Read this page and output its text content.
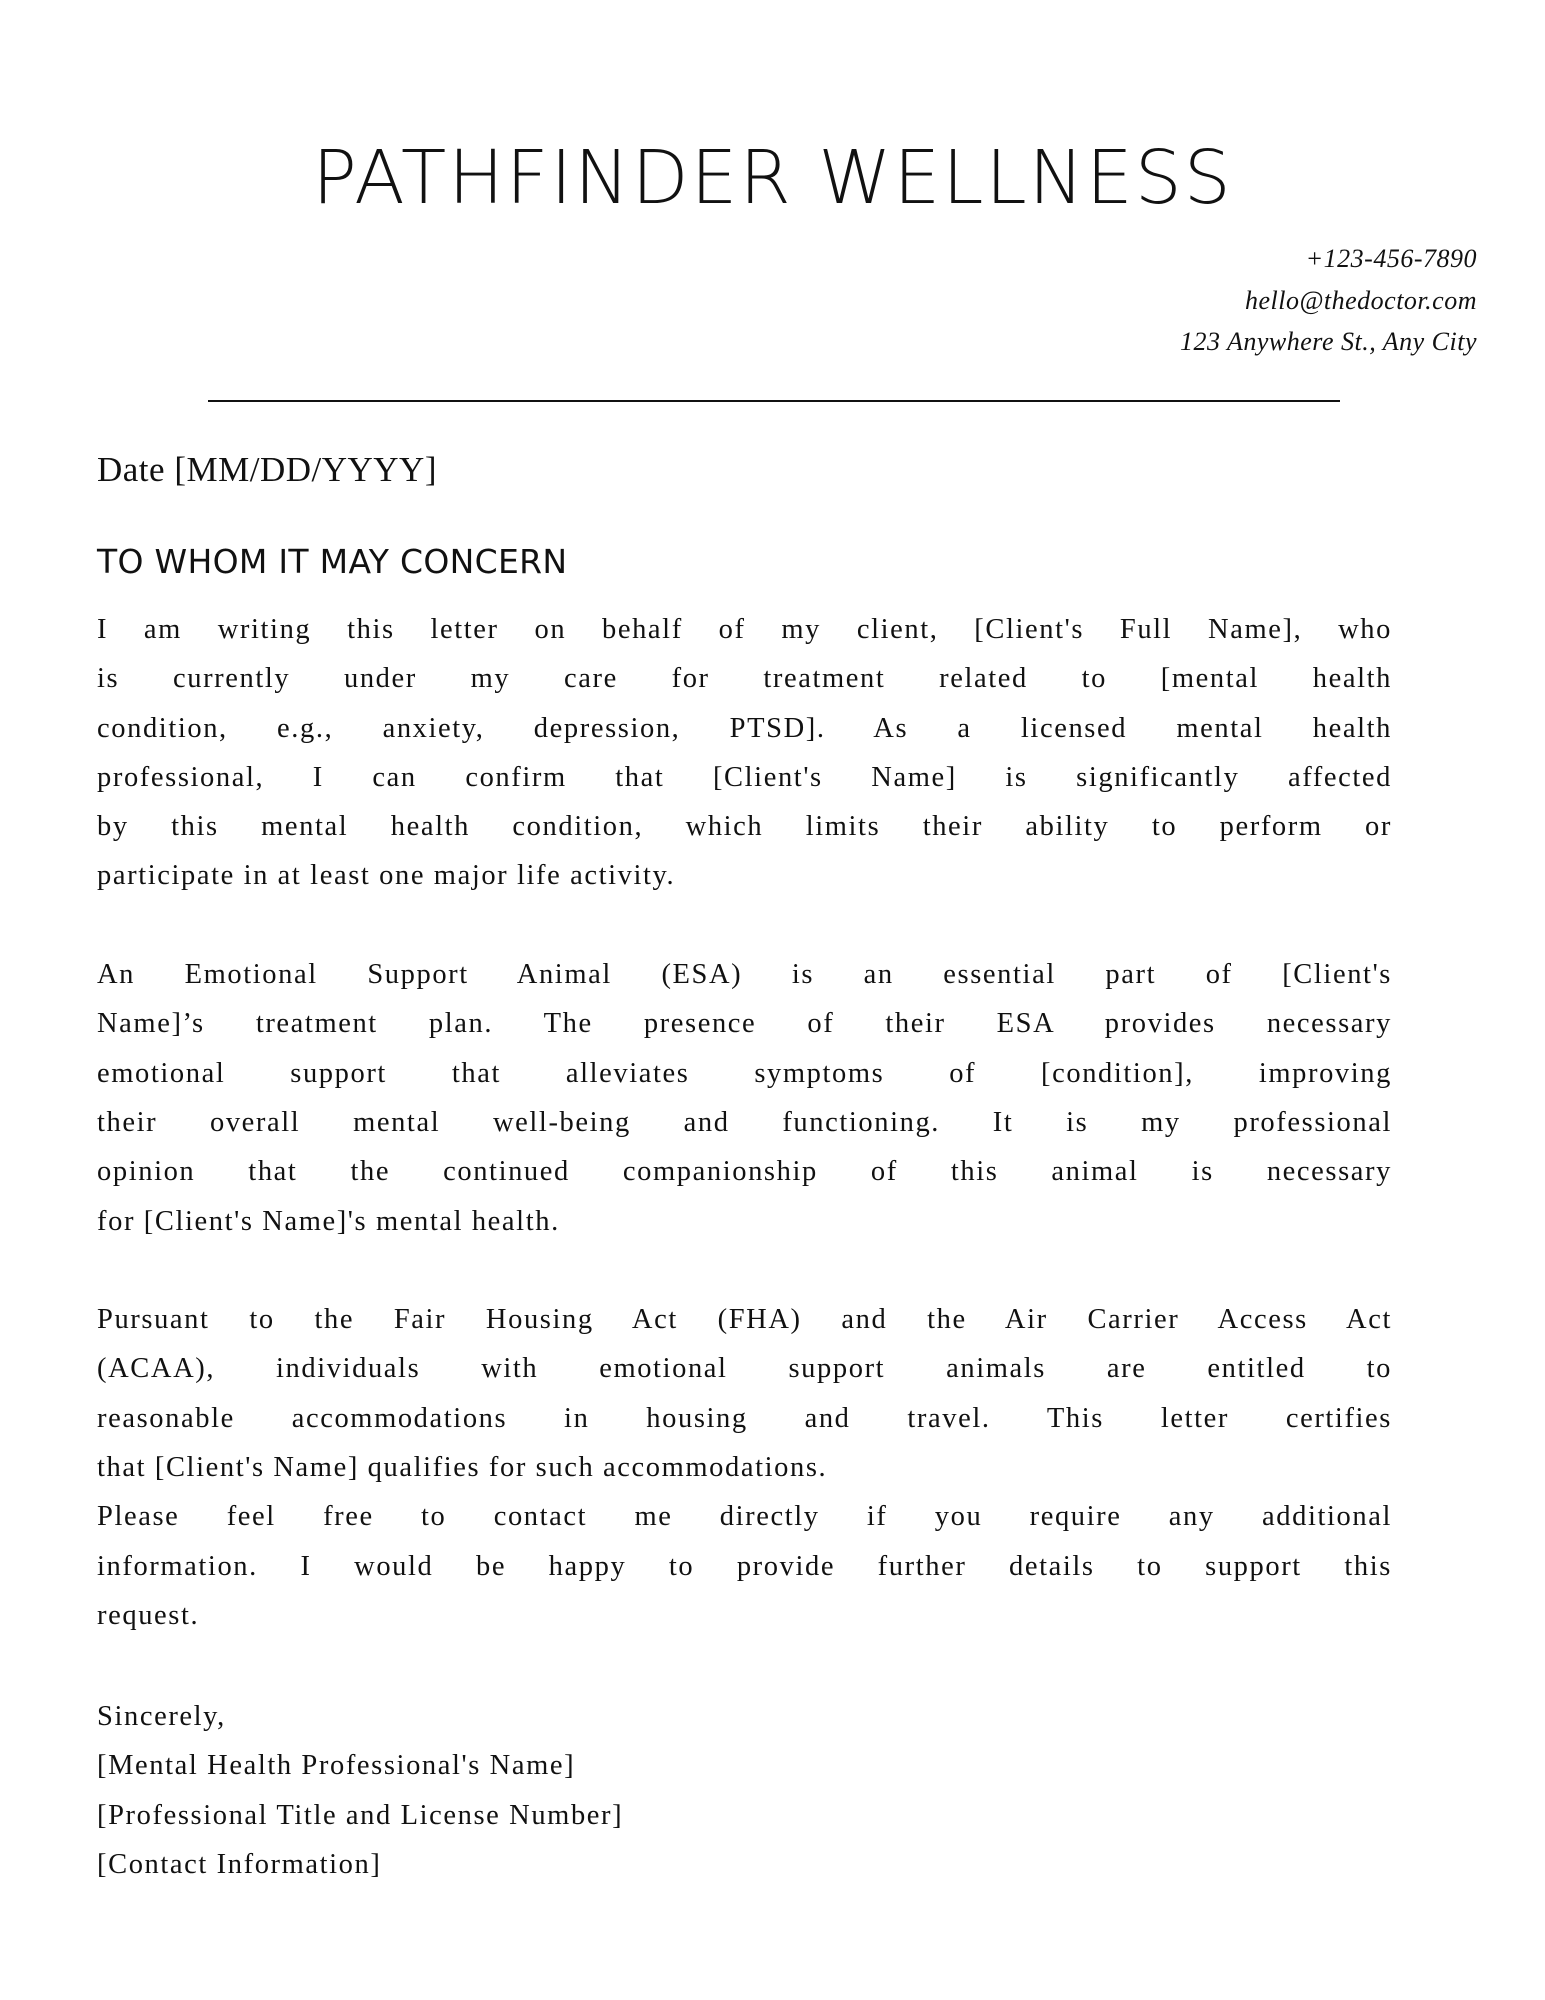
PATHFINDER WELLNESS
+123-456-7890
hello@thedoctor.com
123 Anywhere St., Any City
Date [MM/DD/YYYY]
TO WHOM IT MAY CONCERN

I am writing this letter on behalf of my client, [Client's Full Name], who
is currently under my care for treatment related to [mental health
condition, e.g., anxiety, depression, PTSD]. As a licensed mental health
professional, I can confirm that [Client's Name] is significantly affected
by this mental health condition, which limits their ability to perform or
participate in at least one major life activity.

An Emotional Support Animal (ESA) is an essential part of [Client's
Name]’s treatment plan. The presence of their ESA provides necessary
emotional support that alleviates symptoms of [condition], improving
their overall mental well-being and functioning. It is my professional
opinion that the continued companionship of this animal is necessary
for [Client's Name]'s mental health.

Pursuant to the Fair Housing Act (FHA) and the Air Carrier Access Act
(ACAA), individuals with emotional support animals are entitled to
reasonable accommodations in housing and travel. This letter certifies
that [Client's Name] qualifies for such accommodations.

Please feel free to contact me directly if you require any additional
information. I would be happy to provide further details to support this
request.

Sincerely,
[Mental Health Professional's Name]
[Professional Title and License Number]
[Contact Information]
